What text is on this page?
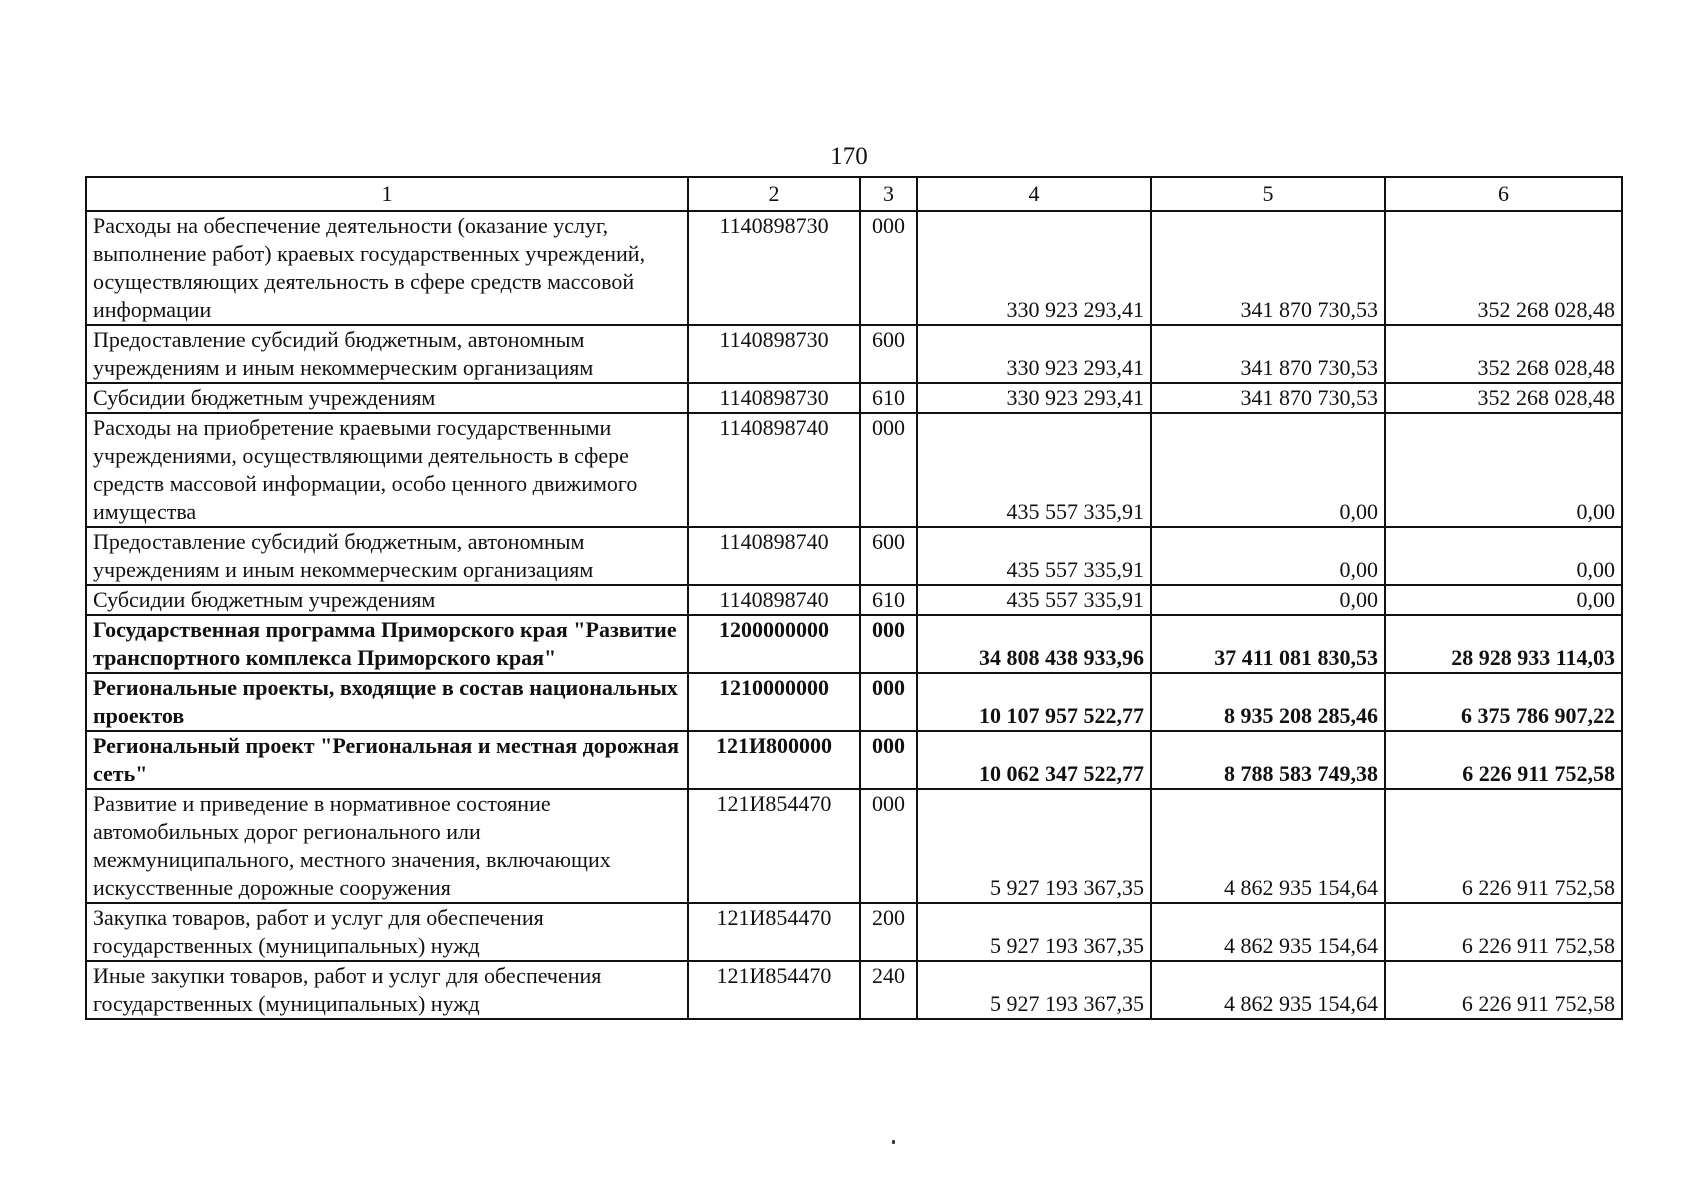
170
1	2	3	4	5	6
Расходы на обеспечение деятельности (оказание услуг, выполнение работ) краевых государственных учреждений, осуществляющих деятельность в сфере средств массовой информации	1140898730	000	330 923 293,41	341 870 730,53	352 268 028,48
Предоставление субсидий бюджетным, автономным учреждениям и иным некоммерческим организациям	1140898730	600	330 923 293,41	341 870 730,53	352 268 028,48
Субсидии бюджетным учреждениям	1140898730	610	330 923 293,41	341 870 730,53	352 268 028,48
Расходы на приобретение краевыми государственными учреждениями, осуществляющими деятельность в сфере средств массовой информации, особо ценного движимого имущества	1140898740	000	435 557 335,91	0,00	0,00
Предоставление субсидий бюджетным, автономным учреждениям и иным некоммерческим организациям	1140898740	600	435 557 335,91	0,00	0,00
Субсидии бюджетным учреждениям	1140898740	610	435 557 335,91	0,00	0,00
Государственная программа Приморского края "Развитие транспортного комплекса Приморского края"	1200000000	000	34 808 438 933,96	37 411 081 830,53	28 928 933 114,03
Региональные проекты, входящие в состав национальных проектов	1210000000	000	10 107 957 522,77	8 935 208 285,46	6 375 786 907,22
Региональный проект "Региональная и местная дорожная сеть"	121И800000	000	10 062 347 522,77	8 788 583 749,38	6 226 911 752,58
Развитие и приведение в нормативное состояние автомобильных дорог регионального или межмуниципального, местного значения, включающих искусственные дорожные сооружения	121И854470	000	5 927 193 367,35	4 862 935 154,64	6 226 911 752,58
Закупка товаров, работ и услуг для обеспечения государственных (муниципальных) нужд	121И854470	200	5 927 193 367,35	4 862 935 154,64	6 226 911 752,58
Иные закупки товаров, работ и услуг для обеспечения государственных (муниципальных) нужд	121И854470	240	5 927 193 367,35	4 862 935 154,64	6 226 911 752,58
